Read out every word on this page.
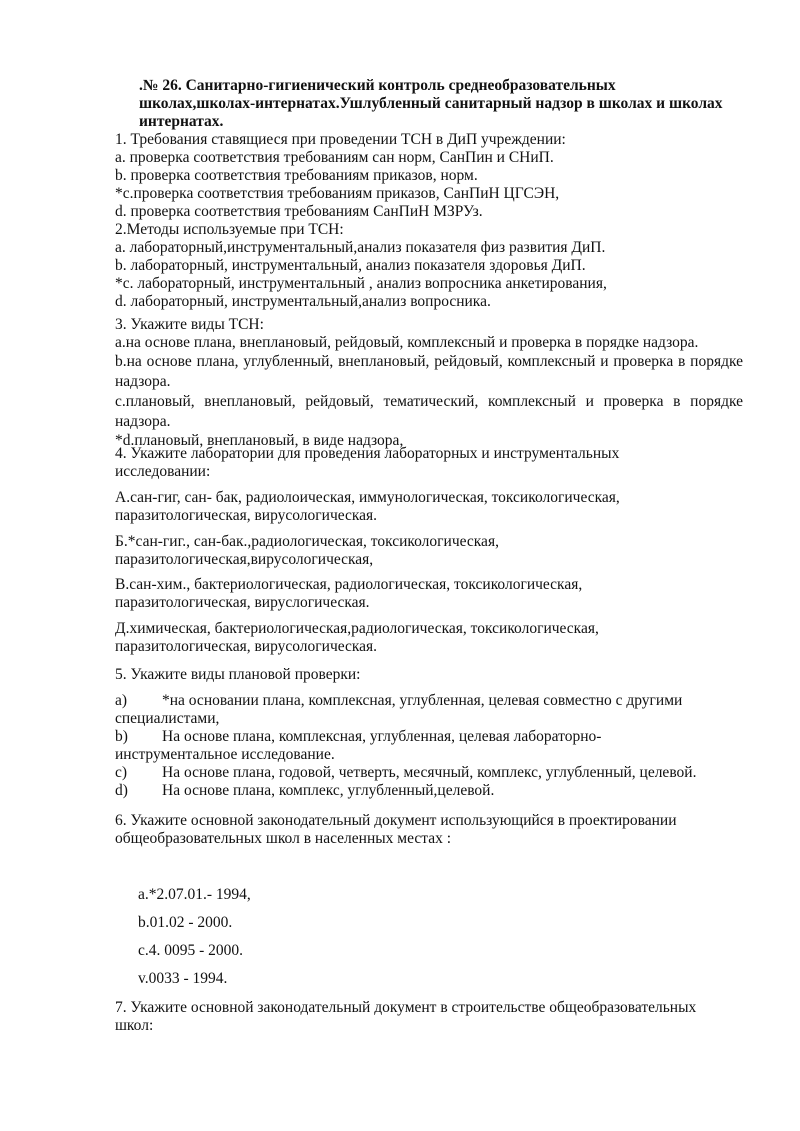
.№ 26. Санитарно-гигиенический контроль среднеобразовательных школах,школах-интернатах.Ушлубленный санитарный надзор в школах и школах интернатах.
1. Требования ставящиеся при проведении ТСН в ДиП учреждении:
a. проверка соответствия требованиям сан норм, СанПин и СНиП.
b. проверка соответствия требованиям приказов, норм.
*с.проверка соответствия требованиям приказов, СанПиН ЦГСЭН,
d. проверка соответствия требованиям СанПиН МЗРУз.
2.Методы используемые при ТСН:
a. лабораторный,инструментальный,анализ показателя физ развития ДиП.
b. лабораторный, инструментальный, анализ показателя здоровья ДиП.
*с. лабораторный, инструментальный , анализ вопросника анкетирования,
d. лабораторный, инструментальный,анализ вопросника.
3. Укажите виды ТСН:
a.на основе плана, внеплановый, рейдовый, комплексный и проверка в порядке надзора.
b.на основе плана, углубленный, внеплановый, рейдовый, комплексный и проверка в порядке надзора.
c.плановый, внеплановый, рейдовый, тематический, комплексный и проверка в порядке надзора.
*d.плановый, внеплановый, в виде надзора,
4. Укажите лаборатории для проведения лабораторных и инструментальных исследовании:
А.сан-гиг, сан- бак, радиолоическая, иммунологическая, токсикологическая, паразитологическая, вирусологическая.
Б.*сан-гиг., сан-бак.,радиологическая, токсикологическая, паразитологическая,вирусологическая,
В.сан-хим., бактериологическая, радиологическая, токсикологическая, паразитологическая, вируслогическая.
Д.химическая, бактериологическая,радиологическая, токсикологическая, паразитологическая, вирусологическая.
5. Укажите виды плановой проверки:
a) *на основании плана, комплексная, углубленная, целевая совместно с другими
специалистами,
b) На основе плана, комплексная, углубленная, целевая лабораторно-
инструментальное исследование.
c) На основе плана, годовой, четверть, месячный, комплекс, углубленный, целевой.
d) На основе плана, комплекс, углубленный,целевой.
6. Укажите основной законодательный документ использующийся в проектировании общеобразовательных школ в населенных местах :
a.*2.07.01.- 1994,
b.01.02 - 2000.
c.4. 0095 - 2000.
v.0033 - 1994.
7. Укажите основной законодательный документ в строительстве общеобразовательных школ:
